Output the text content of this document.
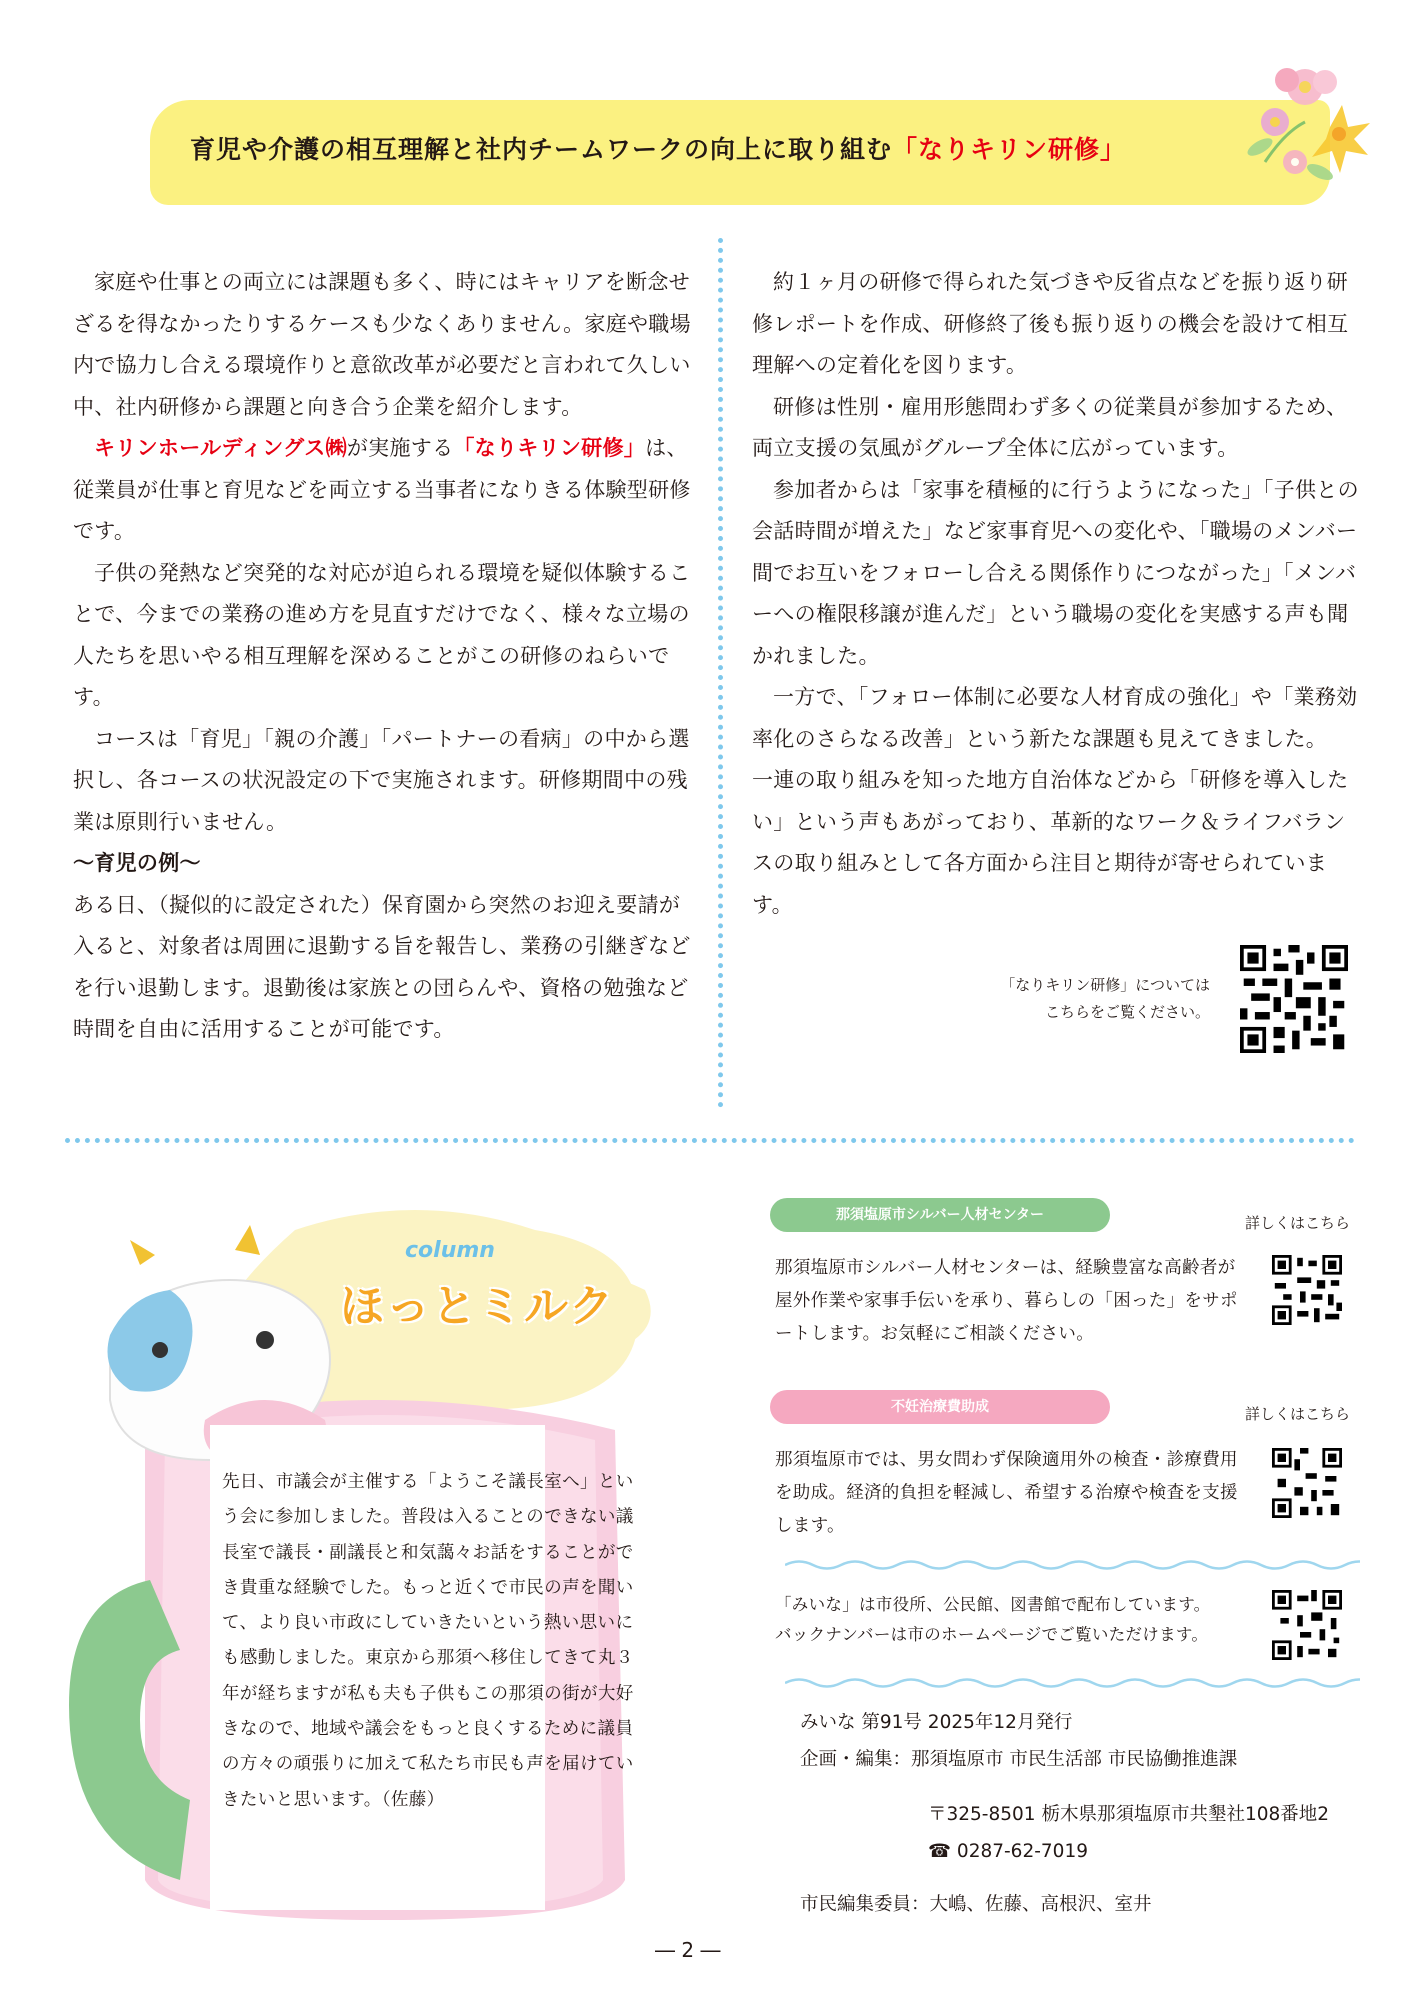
育児や介護の相互理解と社内チームワークの向上に取り組む「なりキリン研修」

家庭や仕事との両立には課題も多く、時にはキャリアを断念せざるを得なかったりするケースも少なくありません。家庭や職場内で協力し合える環境作りと意欲改革が必要だと言われて久しい中、社内研修から課題と向き合う企業を紹介します。

キリンホールディングス㈱が実施する「なりキリン研修」は、従業員が仕事と育児などを両立する当事者になりきる体験型研修です。

子供の発熱など突発的な対応が迫られる環境を疑似体験することで、今までの業務の進め方を見直すだけでなく、様々な立場の人たちを思いやる相互理解を深めることがこの研修のねらいです。

コースは「育児」「親の介護」「パートナーの看病」の中から選択し、各コースの状況設定の下で実施されます。研修期間中の残業は原則行いません。

～育児の例～

ある日、（擬似的に設定された）保育園から突然のお迎え要請が入ると、対象者は周囲に退勤する旨を報告し、業務の引継ぎなどを行い退勤します。退勤後は家族との団らんや、資格の勉強など時間を自由に活用することが可能です。

約１ヶ月の研修で得られた気づきや反省点などを振り返り研修レポートを作成、研修終了後も振り返りの機会を設けて相互理解への定着化を図ります。

研修は性別・雇用形態問わず多くの従業員が参加するため、両立支援の気風がグループ全体に広がっています。

参加者からは「家事を積極的に行うようになった」「子供との会話時間が増えた」など家事育児への変化や、「職場のメンバー間でお互いをフォローし合える関係作りにつながった」「メンバーへの権限移譲が進んだ」という職場の変化を実感する声も聞かれました。

一方で、「フォロー体制に必要な人材育成の強化」や「業務効率化のさらなる改善」という新たな課題も見えてきました。

一連の取り組みを知った地方自治体などから「研修を導入したい」という声もあがっており、革新的なワーク＆ライフバランスの取り組みとして各方面から注目と期待が寄せられています。

「なりキリン研修」については
こちらをご覧ください。
column
ほっとミルク
先日、市議会が主催する「ようこそ議長室へ」という会に参加しました。普段は入ることのできない議長室で議長・副議長と和気藹々お話をすることができ貴重な経験でした。もっと近くで市民の声を聞いて、より良い市政にしていきたいという熱い思いにも感動しました。東京から那須へ移住してきて丸３年が経ちますが私も夫も子供もこの那須の街が大好きなので、地域や議会をもっと良くするために議員の方々の頑張りに加えて私たち市民も声を届けていきたいと思います。（佐藤）
那須塩原市シルバー人材センター	詳しくはこちら
那須塩原市シルバー人材センターは、経験豊富な高齢者が屋外作業や家事手伝いを承り、暮らしの「困った」をサポートします。お気軽にご相談ください。
不妊治療費助成	詳しくはこちら
那須塩原市では、男女問わず保険適用外の検査・診療費用を助成。経済的負担を軽減し、希望する治療や検査を支援します。
「みいな」は市役所、公民館、図書館で配布しています。
バックナンバーは市のホームページでご覧いただけます。
みいな 第91号 2025年12月発行
企画・編集：那須塩原市 市民生活部 市民協働推進課
〒325-8501 栃木県那須塩原市共墾社108番地2
☎ 0287-62-7019
市民編集委員：大嶋、佐藤、高根沢、室井
― 2 ―
